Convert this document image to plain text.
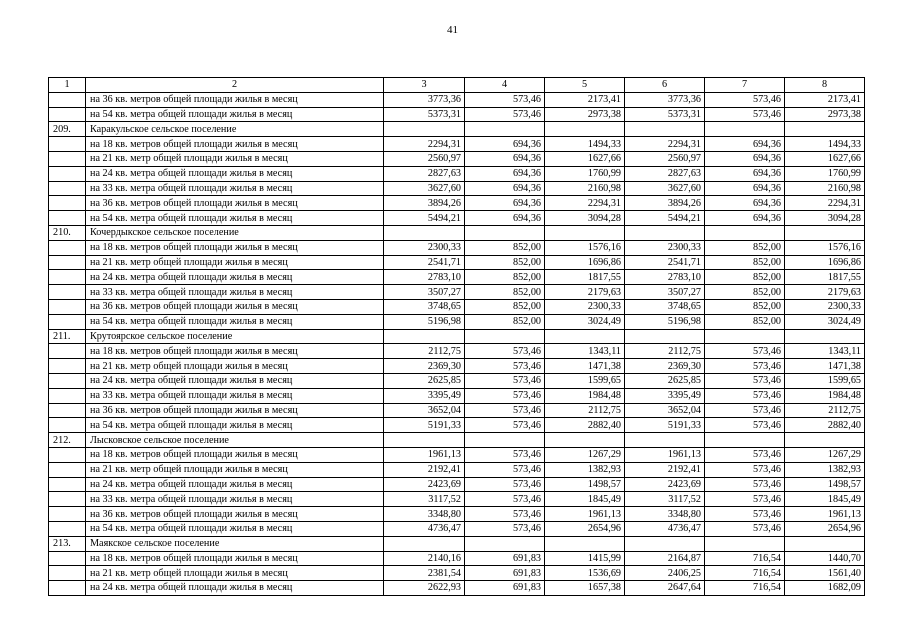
41
1	2	3	4	5	6	7	8
	на 36 кв. метров общей площади жилья в месяц	3773,36	573,46	2173,41	3773,36	573,46	2173,41
	на 54 кв. метра общей площади жилья в месяц	5373,31	573,46	2973,38	5373,31	573,46	2973,38
209.	Каракульское сельское поселение						
	на 18 кв. метров общей площади жилья в месяц	2294,31	694,36	1494,33	2294,31	694,36	1494,33
	на 21 кв. метр общей площади жилья в месяц	2560,97	694,36	1627,66	2560,97	694,36	1627,66
	на 24 кв. метра общей площади жилья в месяц	2827,63	694,36	1760,99	2827,63	694,36	1760,99
	на 33 кв. метра общей площади жилья в месяц	3627,60	694,36	2160,98	3627,60	694,36	2160,98
	на 36 кв. метров общей площади жилья в месяц	3894,26	694,36	2294,31	3894,26	694,36	2294,31
	на 54 кв. метра общей площади жилья в месяц	5494,21	694,36	3094,28	5494,21	694,36	3094,28
210.	Кочердыкское сельское поселение						
	на 18 кв. метров общей площади жилья в месяц	2300,33	852,00	1576,16	2300,33	852,00	1576,16
	на 21 кв. метр общей площади жилья в месяц	2541,71	852,00	1696,86	2541,71	852,00	1696,86
	на 24 кв. метра общей площади жилья в месяц	2783,10	852,00	1817,55	2783,10	852,00	1817,55
	на 33 кв. метра общей площади жилья в месяц	3507,27	852,00	2179,63	3507,27	852,00	2179,63
	на 36 кв. метров общей площади жилья в месяц	3748,65	852,00	2300,33	3748,65	852,00	2300,33
	на 54 кв. метра общей площади жилья в месяц	5196,98	852,00	3024,49	5196,98	852,00	3024,49
211.	Крутоярское сельское поселение						
	на 18 кв. метров общей площади жилья в месяц	2112,75	573,46	1343,11	2112,75	573,46	1343,11
	на 21 кв. метр общей площади жилья в месяц	2369,30	573,46	1471,38	2369,30	573,46	1471,38
	на 24 кв. метра общей площади жилья в месяц	2625,85	573,46	1599,65	2625,85	573,46	1599,65
	на 33 кв. метра общей площади жилья в месяц	3395,49	573,46	1984,48	3395,49	573,46	1984,48
	на 36 кв. метров общей площади жилья в месяц	3652,04	573,46	2112,75	3652,04	573,46	2112,75
	на 54 кв. метра общей площади жилья в месяц	5191,33	573,46	2882,40	5191,33	573,46	2882,40
212.	Лысковское сельское поселение						
	на 18 кв. метров общей площади жилья в месяц	1961,13	573,46	1267,29	1961,13	573,46	1267,29
	на 21 кв. метр общей площади жилья в месяц	2192,41	573,46	1382,93	2192,41	573,46	1382,93
	на 24 кв. метра общей площади жилья в месяц	2423,69	573,46	1498,57	2423,69	573,46	1498,57
	на 33 кв. метра общей площади жилья в месяц	3117,52	573,46	1845,49	3117,52	573,46	1845,49
	на 36 кв. метров общей площади жилья в месяц	3348,80	573,46	1961,13	3348,80	573,46	1961,13
	на 54 кв. метра общей площади жилья в месяц	4736,47	573,46	2654,96	4736,47	573,46	2654,96
213.	Маякское сельское поселение						
	на 18 кв. метров общей площади жилья в месяц	2140,16	691,83	1415,99	2164,87	716,54	1440,70
	на 21 кв. метр общей площади жилья в месяц	2381,54	691,83	1536,69	2406,25	716,54	1561,40
	на 24 кв. метра общей площади жилья в месяц	2622,93	691,83	1657,38	2647,64	716,54	1682,09
